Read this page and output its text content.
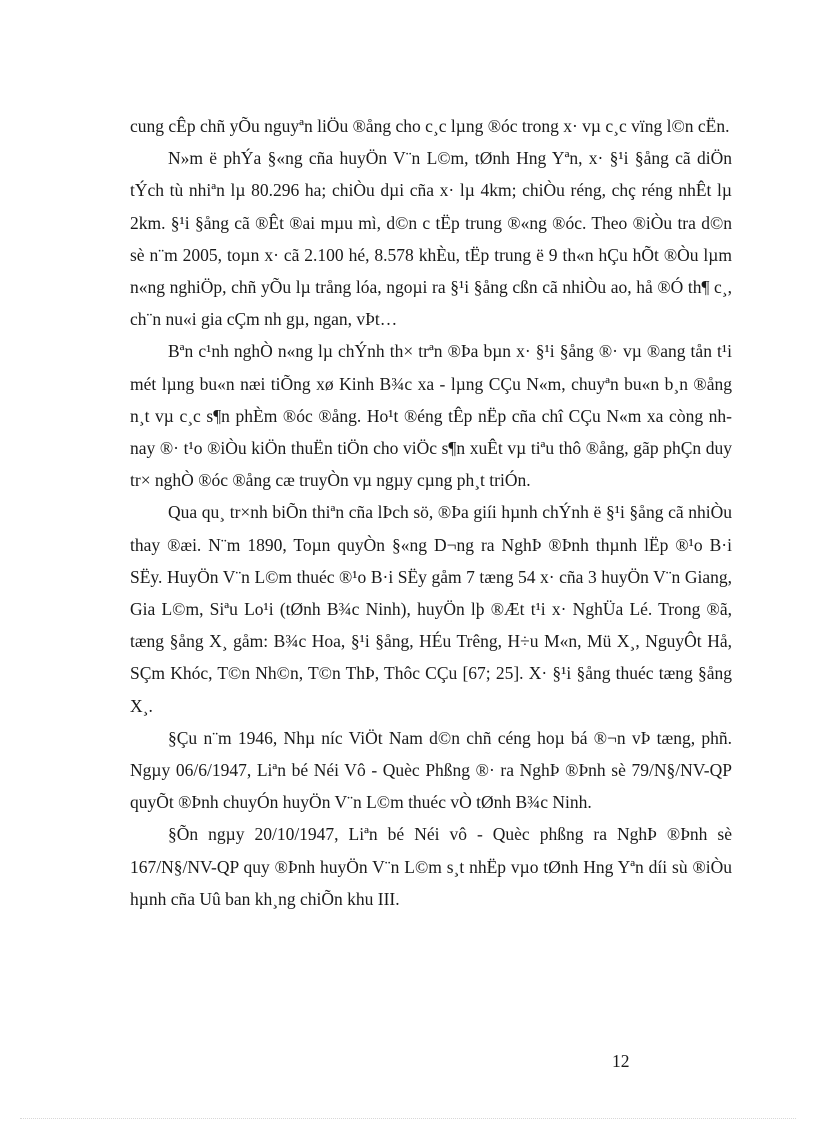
cung cÊp chñ yÕu nguyªn liÖu ®ång cho c¸c lµng ®óc trong x· vµ c¸c vïng l©n cËn.

N»m ë phÝa §«ng cña huyÖn V¨n L©m, tØnh Hng Yªn, x· §¹i §ång cã diÖn tÝch tù nhiªn lµ 80.296 ha; chiÒu dµi cña x· lµ 4km; chiÒu réng, chç réng nhÊt lµ 2km. §¹i §ång cã ®Êt ®ai mµu mì, d©n c tËp trung ®«ng ®óc. Theo ®iÒu tra d©n sè n¨m 2005, toµn x· cã 2.100 hé, 8.578 khÈu, tËp trung ë 9 th«n hÇu hÕt ®Òu lµm n«ng nghiÖp, chñ yÕu lµ trång lóa, ngoµi ra §¹i §ång cßn cã nhiÒu ao, hå ®Ó th¶ c¸, ch¨n nu«i gia cÇm nh gµ, ngan, vÞt…

Bªn c¹nh nghÒ n«ng lµ chÝnh th× trªn ®Þa bµn x· §¹i §ång ®· vµ ®ang tån t¹i mét lµng bu«n næi tiÕng xø Kinh B¾c xa - lµng CÇu N«m, chuyªn bu«n b¸n ®ång n¸t vµ c¸c s¶n phÈm ®óc ®ång. Ho¹t ®éng tÊp nËp cña chî CÇu N«m xa còng nh nay ®· t¹o ®iÒu kiÖn thuËn tiÖn cho viÖc s¶n xuÊt vµ tiªu thô ®ång, gãp phÇn duy tr× nghÒ ®óc ®ång cæ truyÒn vµ ngµy cµng ph¸t triÓn.

Qua qu¸ tr×nh biÕn thiªn cña lÞch sö, ®Þa giíi hµnh chÝnh ë §¹i §ång cã nhiÒu thay ®æi. N¨m 1890, Toµn quyÒn §«ng D¬ng ra NghÞ ®Þnh thµnh lËp ®¹o B·i SËy. HuyÖn V¨n L©m thuéc ®¹o B·i SËy gåm 7 tæng 54 x· cña 3 huyÖn V¨n Giang, Gia L©m, Siªu Lo¹i (tØnh B¾c Ninh), huyÖn lþ ®Æt t¹i x· NghÜa Lé. Trong ®ã, tæng §ång X¸ gåm: B¾c Hoa, §¹i §ång, HÉu Trêng, H÷u M«n, Mü X¸, NguyÔt Hå, SÇm Khóc, T©n Nh©n, T©n ThÞ, Thôc CÇu [67; 25]. X· §¹i §ång thuéc tæng §ång X¸.

§Çu n¨m 1946, Nhµ níc ViÖt Nam d©n chñ céng hoµ bá ®¬n vÞ tæng, phñ. Ngµy 06/6/1947, Liªn bé Néi Vô - Quèc Phßng ®· ra NghÞ ®Þnh sè 79/N§/NV-QP quyÕt ®Þnh chuyÓn huyÖn V¨n L©m thuéc vÒ tØnh B¾c Ninh.

§Õn ngµy 20/10/1947, Liªn bé Néi vô - Quèc phßng ra NghÞ ®Þnh sè 167/N§/NV-QP quy ®Þnh huyÖn V¨n L©m s¸t nhËp vµo tØnh Hng Yªn díi sù ®iÒu hµnh cña Uû ban kh¸ng chiÕn khu III.

12
